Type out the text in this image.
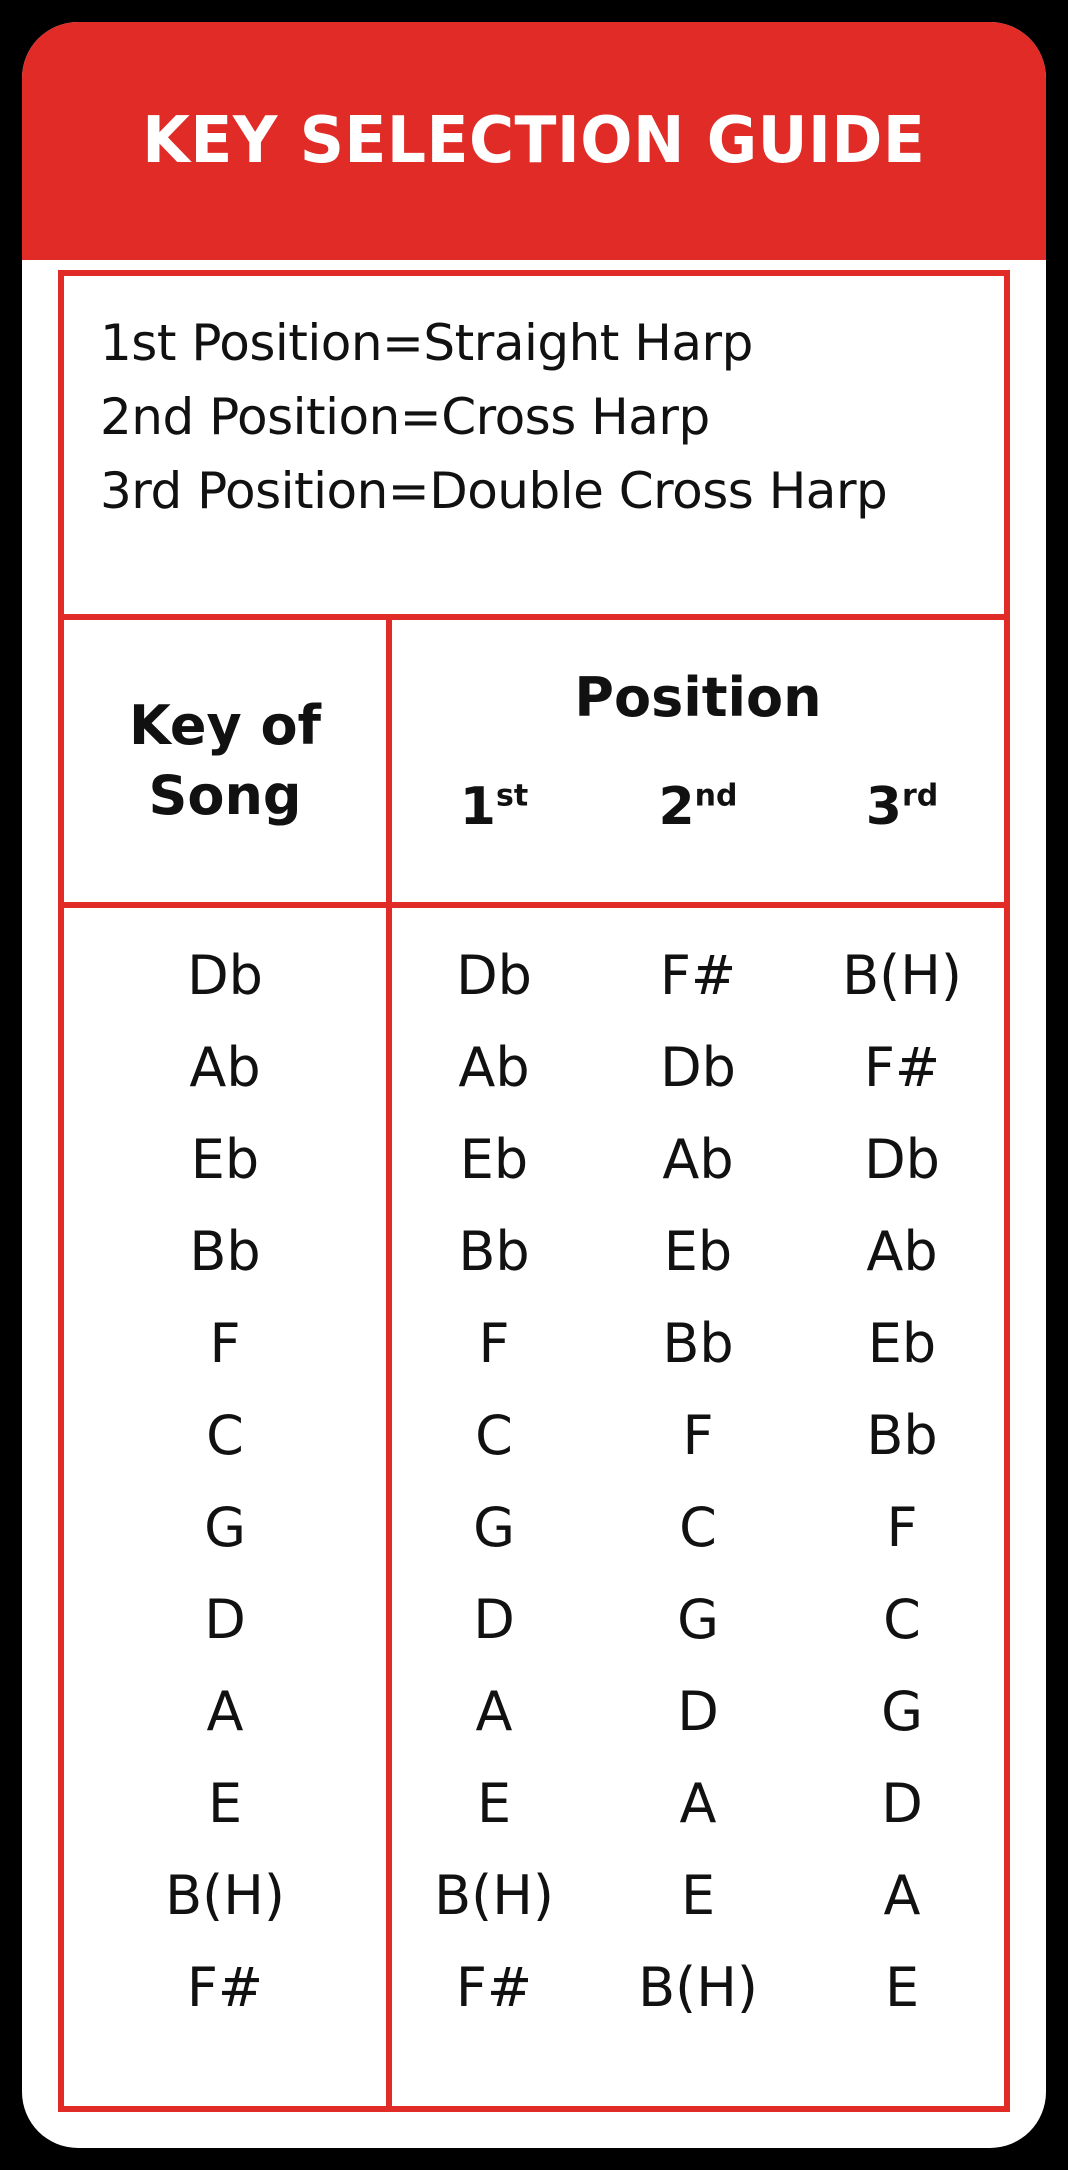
KEY SELECTION GUIDE
1st Position=Straight Harp
2nd Position=Cross Harp
3rd Position=Double Cross Harp
Key of
Song
Position
1st	2nd	3rd
Db
Ab
Eb
Bb
F
C
G
D
A
E
B(H)
F#
Db
Ab
Eb
Bb
F
C
G
D
A
E
B(H)
F#
F#
Db
Ab
Eb
Bb
F
C
G
D
A
E
B(H)
B(H)
F#
Db
Ab
Eb
Bb
F
C
G
D
A
E
